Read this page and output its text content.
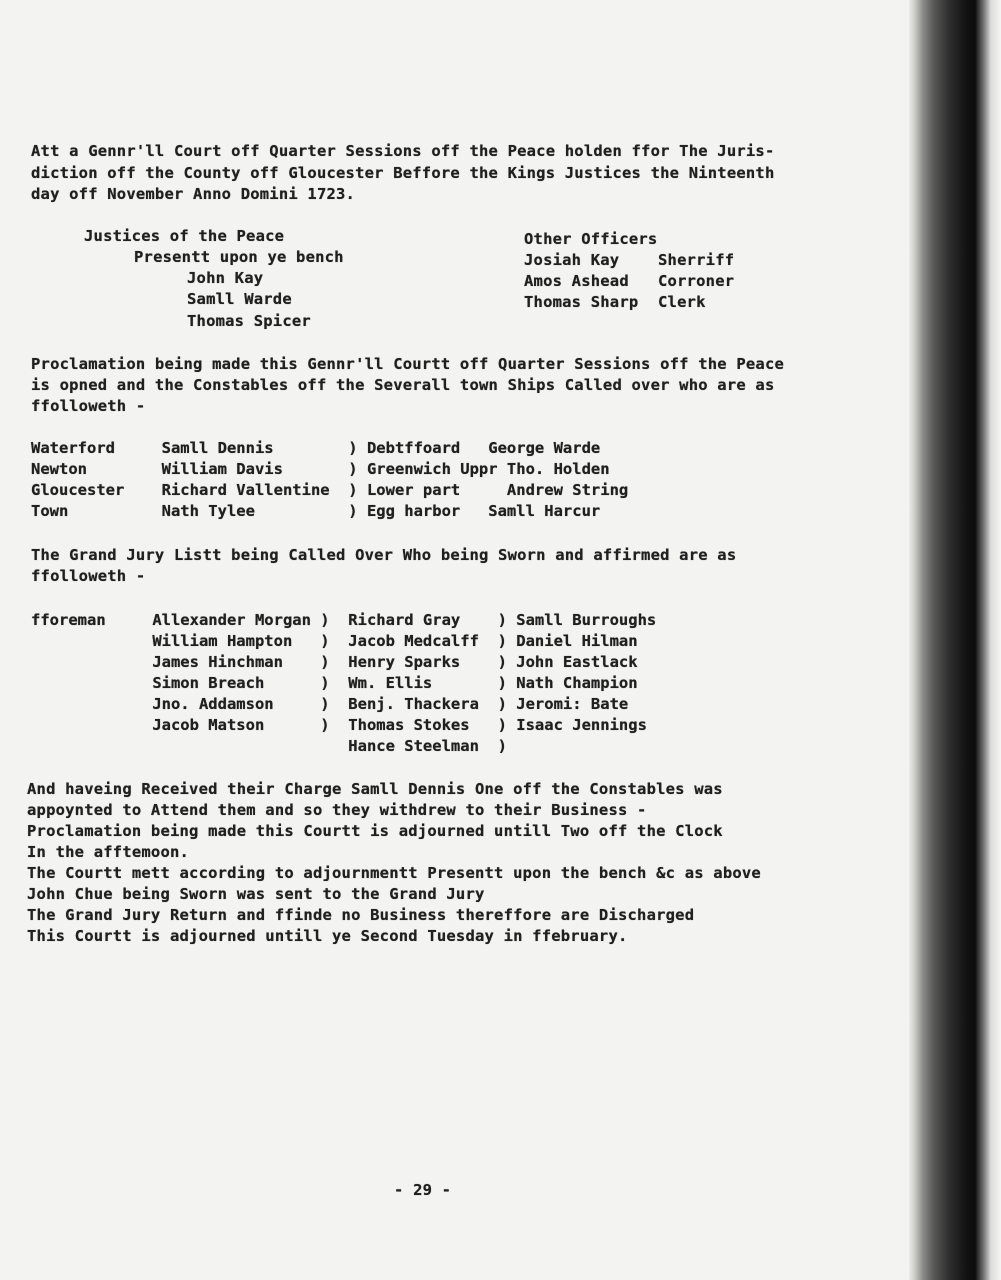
Att a Gennr'll Court off Quarter Sessions off the Peace holden ffor The Juris-
diction off the County off Gloucester Beffore the Kings Justices the Ninteenth
day off November Anno Domini 1723.
Justices of the Peace
Presentt upon ye bench
John Kay
Samll Warde
Thomas Spicer
Other Officers
Josiah Kay Sherriff
Amos Ashead Corroner
Thomas Sharp Clerk
Proclamation being made this Gennr'll Courtt off Quarter Sessions off the Peace
is opned and the Constables off the Severall town Ships Called over who are as
ffolloweth -
Waterford     Samll Dennis        ) Debtffoard   George Warde
Newton        William Davis       ) Greenwich Uppr Tho. Holden
Gloucester    Richard Vallentine  ) Lower part     Andrew String
Town          Nath Tylee          ) Egg harbor   Samll Harcur
The Grand Jury Listt being Called Over Who being Sworn and affirmed are as
ffolloweth -
fforeman     Allexander Morgan )  Richard Gray    ) Samll Burroughs
William Hampton   )  Jacob Medcalff  ) Daniel Hilman
James Hinchman    )  Henry Sparks    ) John Eastlack
Simon Breach      )  Wm. Ellis       ) Nath Champion
Jno. Addamson     )  Benj. Thackera  ) Jeromi: Bate
Jacob Matson      )  Thomas Stokes   ) Isaac Jennings
Hance Steelman  )
And haveing Received their Charge Samll Dennis One off the Constables was
appoynted to Attend them and so they withdrew to their Business -
Proclamation being made this Courtt is adjourned untill Two off the Clock
In the afftemoon.
The Courtt mett according to adjournmentt Presentt upon the bench &c as above
John Chue being Sworn was sent to the Grand Jury
The Grand Jury Return and ffinde no Business thereffore are Discharged
This Courtt is adjourned untill ye Second Tuesday in ffebruary.
- 29 -
